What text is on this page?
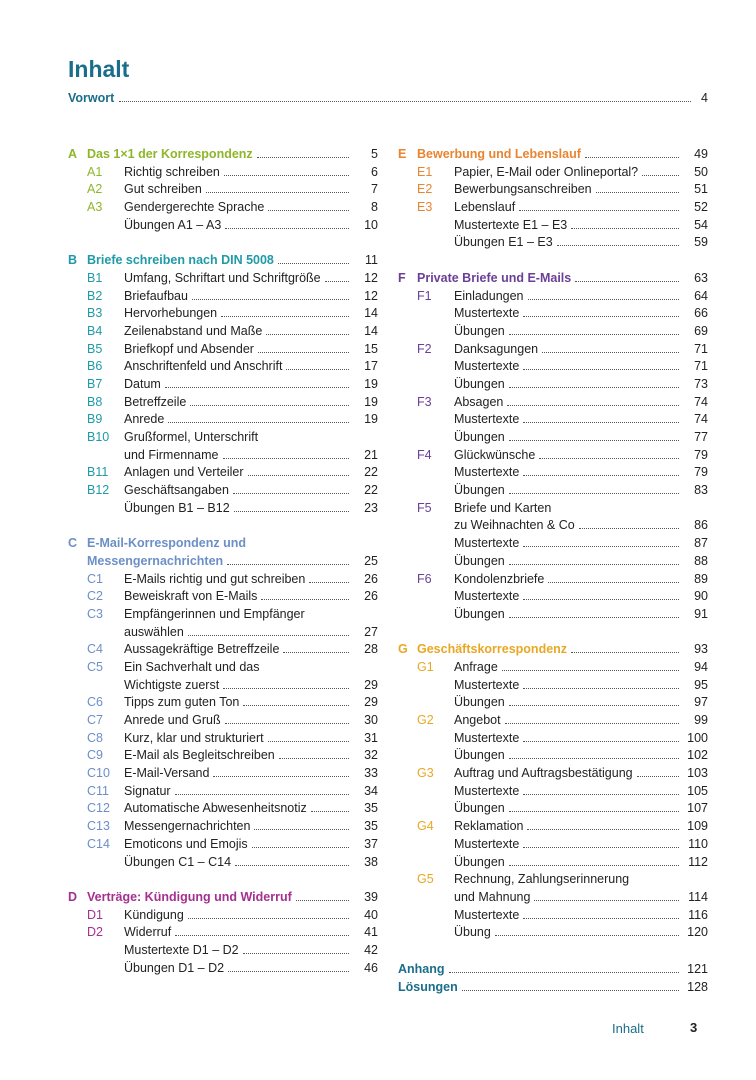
Inhalt
Vorwort	4
A Das 1×1 der Korrespondenz	5
A1	Richtig schreiben	6
A2	Gut schreiben	7
A3	Gendergerechte Sprache	8
Übungen A1 – A3	10
B Briefe schreiben nach DIN 5008	11
B1	Umfang, Schriftart und Schriftgröße	12
B2	Briefaufbau	12
B3	Hervorhebungen	14
B4	Zeilenabstand und Maße	14
B5	Briefkopf und Absender	15
B6	Anschriftenfeld und Anschrift	17
B7	Datum	19
B8	Betreffzeile	19
B9	Anrede	19
B10	Grußformel, Unterschrift
und Firmenname	21
B11	Anlagen und Verteiler	22
B12	Geschäftsangaben	22
Übungen B1 – B12	23
C E-Mail-Korrespondenz und
Messengernachrichten	25
C1	E-Mails richtig und gut schreiben	26
C2	Beweiskraft von E-Mails	26
C3	Empfängerinnen und Empfänger
auswählen	27
C4	Aussagekräftige Betreffzeile	28
C5	Ein Sachverhalt und das
Wichtigste zuerst	29
C6	Tipps zum guten Ton	29
C7	Anrede und Gruß	30
C8	Kurz, klar und strukturiert	31
C9	E-Mail als Begleitschreiben	32
C10	E-Mail-Versand	33
C11	Signatur	34
C12	Automatische Abwesenheitsnotiz	35
C13	Messengernachrichten	35
C14	Emoticons und Emojis	37
Übungen C1 – C14	38
D Verträge: Kündigung und Widerruf	39
D1	Kündigung	40
D2	Widerruf	41
Mustertexte D1 – D2	42
Übungen D1 – D2	46
E Bewerbung und Lebenslauf	49
E1	Papier, E-Mail oder Onlineportal?	50
E2	Bewerbungsanschreiben	51
E3	Lebenslauf	52
Mustertexte E1 – E3	54
Übungen E1 – E3	59
F Private Briefe und E-Mails	63
F1	Einladungen	64
Mustertexte	66
Übungen	69
F2	Danksagungen	71
Mustertexte	71
Übungen	73
F3	Absagen	74
Mustertexte	74
Übungen	77
F4	Glückwünsche	79
Mustertexte	79
Übungen	83
F5	Briefe und Karten
zu Weihnachten & Co	86
Mustertexte	87
Übungen	88
F6	Kondolenzbriefe	89
Mustertexte	90
Übungen	91
G Geschäftskorrespondenz	93
G1	Anfrage	94
Mustertexte	95
Übungen	97
G2	Angebot	99
Mustertexte	100
Übungen	102
G3	Auftrag und Auftragsbestätigung	103
Mustertexte	105
Übungen	107
G4	Reklamation	109
Mustertexte	110
Übungen	112
G5	Rechnung, Zahlungserinnerung
und Mahnung	114
Mustertexte	116
Übung	120
Anhang	121
Lösungen	128
Inhalt	3
